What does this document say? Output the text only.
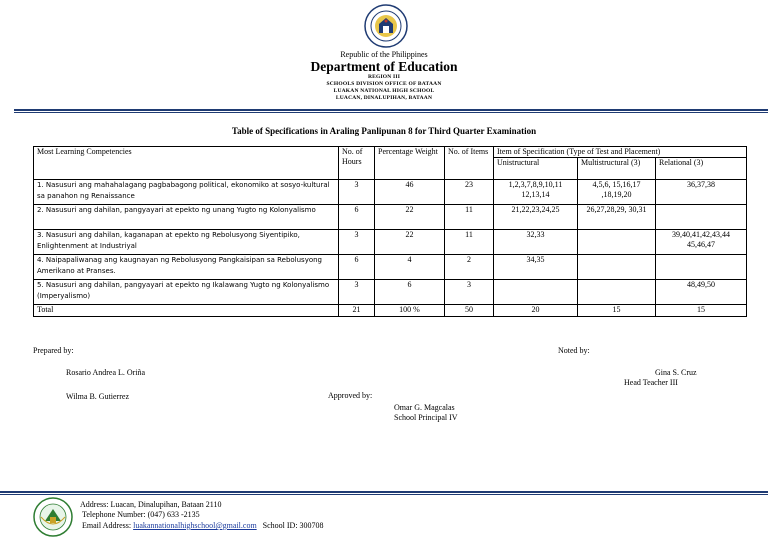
Republic of the Philippines
Department of Education
REGION III
SCHOOLS DIVISION OFFICE OF BATAAN
LUAKAN NATIONAL HIGH SCHOOL
LUACAN, DINALUPIHAN, BATAAN
Table of Specifications in Araling Panlipunan 8 for Third Quarter Examination
Most Learning Competencies	No. of Hours	Percentage Weight	No. of Items	Item of Specification (Type of Test and Placement)		
				Unistructural	Multistructural (3)	Relational (3)
1. Nasusuri ang mahahalagang pagbabagong political, ekonomiko at sosyo-kultural sa panahon ng Renaissance	3	46	23	1,2,3,7,8,9,10,11 12,13,14	4,5,6, 15,16,17 ,18,19,20	36,37,38
2. Nasusuri ang dahilan, pangyayari at epekto ng unang Yugto ng Kolonyalismo	6	22	11	21,22,23,24,25	26,27,28,29, 30,31	
3. Nasusuri ang dahilan, kaganapan at epekto ng Rebolusyong Siyentipiko, Enlightenment at Industriyal	3	22	11	32,33		39,40,41,42,43,44 45,46,47
4. Naipapaliwanag ang kaugnayan ng Rebolusyong Pangkaisipan sa Rebolusyong Amerikano at Pranses.	6	4	2	34,35		
5. Nasusuri ang dahilan, pangyayari at epekto ng Ikalawang Yugto ng Kolonyalismo (Imperyalismo)	3	6	3			48,49,50
Total	21	100 %	50	20	15	15
Prepared by:
Rosario Andrea L. Oriña
Wilma B. Gutierrez
Noted by:
Gina S. Cruz
Head Teacher III
Approved by:
Omar G. Magcalas
School Principal IV
Address: Luacan, Dinalupihan, Bataan 2110
Telephone Number: (047) 633 -2135
Email Address: luakannationalhighschool@gmail.com School ID: 300708
